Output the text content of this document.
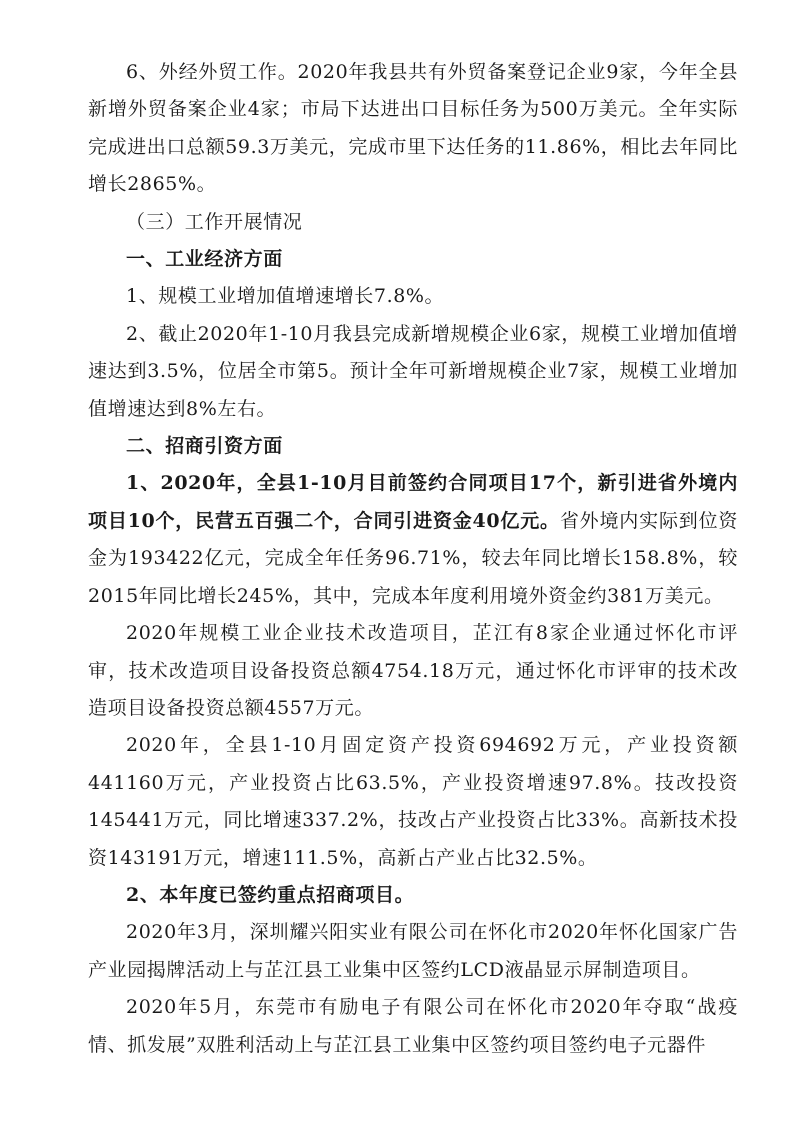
6、外经外贸工作。2020年我县共有外贸备案登记企业9家，今年全县新增外贸备案企业4家；市局下达进出口目标任务为500万美元。全年实际完成进出口总额59.3万美元，完成市里下达任务的11.86%，相比去年同比增长2865%。

（三）工作开展情况

一、工业经济方面

1、规模工业增加值增速增长7.8%。

2、截止2020年1-10月我县完成新增规模企业6家，规模工业增加值增速达到3.5%，位居全市第5。预计全年可新增规模企业7家，规模工业增加值增速达到8%左右。

二、招商引资方面

1、2020年，全县1-10月目前签约合同项目17个，新引进省外境内项目10个，民营五百强二个，合同引进资金40亿元。省外境内实际到位资金为193422亿元，完成全年任务96.71%，较去年同比增长158.8%，较2015年同比增长245%，其中，完成本年度利用境外资金约381万美元。

2020年规模工业企业技术改造项目，芷江有8家企业通过怀化市评审，技术改造项目设备投资总额4754.18万元，通过怀化市评审的技术改造项目设备投资总额4557万元。

2020年，全县1-10月固定资产投资694692万元，产业投资额441160万元，产业投资占比63.5%，产业投资增速97.8%。技改投资145441万元，同比增速337.2%，技改占产业投资占比33%。高新技术投资143191万元，增速111.5%，高新占产业占比32.5%。

2、本年度已签约重点招商项目。

2020年3月，深圳耀兴阳实业有限公司在怀化市2020年怀化国家广告产业园揭牌活动上与芷江县工业集中区签约LCD液晶显示屏制造项目。

2020年5月，东莞市有励电子有限公司在怀化市2020年夺取“战疫情、抓发展”双胜利活动上与芷江县工业集中区签约项目签约电子元器件
